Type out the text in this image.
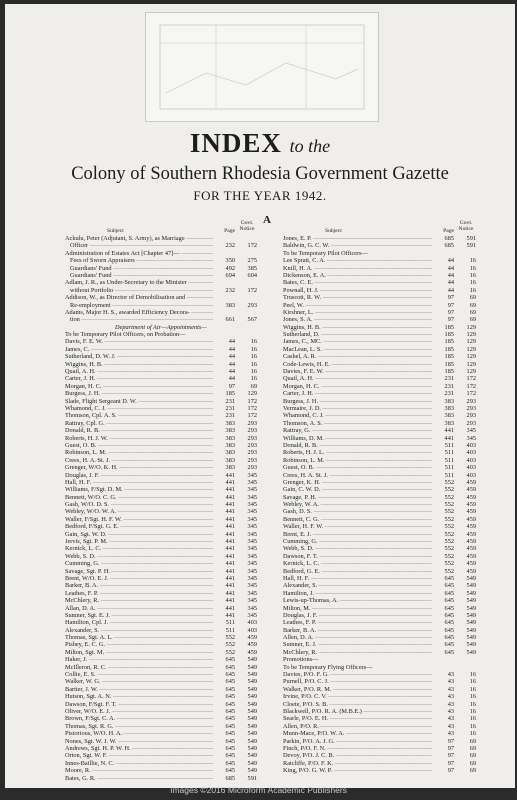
INDEX to the
Colony of Southern Rhodesia Government Gazette
FOR THE YEAR 1942.
A
Subject	Page
Govt. Notice
Ackulu, Peter (Adjutant, S. Army), as Marriage —————
Officer —————	232	172
Administration of Estates Act [Chapter 47]— —————
Fees of Sworn Appraisers —————	350	275
Guardians' Fund —————	492	385
Guardians' Fund —————	694	604
Adlam, J. R., as Under-Secretary to the Minister —————
without Portfolio —————	232	172
Addison, W., as Director of Demobilisation and —————
Re-employment —————	383	293
Adams, Major H. S., awarded Efficiency Decora- —————
tion —————	661	567
Department of Air—Appointments—
To be Temporary Pilot Officers, on Probation—
Davis, F. E. W. —————	44	16
James, C. —————	44	16
Sutherland, D. W. J. —————	44	16
Wiggins, H. B. —————	44	16
Quail, A. H. —————	44	16
Carter, J. H. —————	44	16
Morgan, H. C. —————	97	69
Burgess, J. H. —————	185	129
Slade, Flight Sergeant D. W. —————	231	172
Whamond, C. J. —————	231	172
Thomson, Cpl. A. S. —————	231	172
Rattray, Cpl. G. —————	383	293
Donald, R. B. —————	383	293
Roberts, H. J. W. —————	383	293
Guest, O. B. —————	383	293
Robinson, L. M. —————	383	293
Crees, H. A. St. J. —————	383	293
Grenger, W/O. K. H. —————	383	293
Douglas, J. F. —————	441	345
Hall, H. F. —————	441	345
Williams, F/Sgt. D. M. —————	441	345
Bennett, W/O. C. G. —————	441	345
Gash, W/O. D. S. —————	441	345
Webley, W/O. W. A. —————	441	345
Waller, F/Sgt. H. F. W. —————	441	345
Bedford, F/Sgt. G. E. —————	441	345
Gain, Sgt. W. D. —————	441	345
Jervis, Sgt. P. M. —————	441	345
Kernick, L. C. —————	441	345
Webb, S. D. —————	441	345
Cumming, G. —————	441	345
Savage, Sgt. P. H. —————	441	345
Brent, W/O. E. J. —————	441	345
Barker, B. A. —————	441	345
Leathes, F. P. —————	441	345
McChlery, R. —————	441	345
Allan, D. A. —————	441	345
Sumner, Sgt. E. J. —————	441	345
Hamilton, Cpl. J. —————	511	403
Alexander, S. —————	511	403
Thomas, Sgt. A. L. —————	552	459
Pishey, E. C. G. —————	552	459
Milton, Sgt. M. —————	552	459
Haker, J. —————	645	549
McIlleron, R. C. —————	645	549
Collie, E. S. —————	645	549
Walker, W. G. —————	645	549
Bartter, J. W. —————	645	549
Hutson, Sgt. A. N. —————	645	549
Dawson, F/Sgt. F. T. —————	645	549
Oliver, W/O. E. J. —————	645	549
Brown, F/Sgt. C. A. —————	645	549
Thomas, Sgt. R. G. —————	645	549
Pistorious, W/O. H. A. —————	645	549
Nones, Sgt. W. J. W. —————	645	549
Andrews, Sgt. H. P. W. H. —————	645	549
Orton, Sgt. W. F. —————	645	549
Innes-Baillie, N. C. —————	645	549
Moore, R. —————	645	549
Bates, G. R. —————	685	591
Subject	Page
Govt. Notice
Jones, E. P. —————	685	591
Baldwin, G. C. W. —————	685	591
To be Temporary Pilot Officers—
Lee Spratt, C. A. —————	44	16
Knill, H. A. —————	44	16
Dickenson, E. A. —————	44	16
Bates, C. E. —————	44	16
Pownall, H. J. —————	44	16
Truscott, R. W. —————	97	69
Peel, W. —————	97	69
Kirshner, L. —————	97	69
Jones, S. A. —————	97	69
Wiggins, H. B. —————	185	129
Sutherland, D. —————	185	129
James, C., MC. —————	185	129
MacLean, L. S. —————	185	129
Cashel, A. R. —————	185	129
Code-Lewis, H. E. —————	185	129
Davies, F. E. W. —————	185	129
Quail, A. H. —————	231	172
Morgan, H. C. —————	231	172
Carter, J. H. —————	231	172
Burgess, J. H. —————	383	293
Vermaire, J. D. —————	383	293
Whamond, C. J. —————	383	293
Thomson, A. S. —————	383	293
Rattray, G. —————	441	345
Williams, D. M. —————	441	345
Donald, R. B. —————	511	403
Roberts, H. J. L. —————	511	403
Robinson, L. M. —————	511	403
Guest, O. B. —————	511	403
Crees, H. A. St. J. —————	511	403
Grenger, K. H. —————	552	459
Gain, C. W. D. —————	552	459
Savage, P. H. —————	552	459
Webley, W. A. —————	552	459
Gash, D. S. —————	552	459
Bennett, C. G. —————	552	459
Waller, H. F. W. —————	552	459
Brent, E. J. —————	552	459
Cumming, G. —————	552	459
Webb, S. D. —————	552	459
Dawson, F. T. —————	552	459
Kernick, L. C. —————	552	459
Bedford, G. E. —————	552	459
Hall, H. F. —————	645	549
Alexander, S. —————	645	549
Hamilton, J. —————	645	549
Lewis-up-Thomas, A. —————	645	549
Milton, M. —————	645	549
Douglas, J. F. —————	645	549
Leathes, F. P. —————	645	549
Barker, B. A. —————	645	549
Allen, D. A. —————	645	549
Sumner, E. J. —————	645	549
McChlery, R. —————	645	549
Promotions—
To be Temporary Flying Officers—
Davies, P/O. F. G. —————	43	16
Purnell, P/O. C. J. —————	43	16
Walker, P/O. R. M. —————	43	16
Irvine, P/O. C. V. —————	43	16
Cloete, P/O. S. B. —————	43	16
Blackwell, P/O. R. A. (M.B.E.) —————	43	16
Searle, P/O. E. H. —————	43	16
Allen, P/O. R. —————	43	16
Munn-Mace, P/O. W. A. —————	43	16
Parkin, P/O. A. J. G. —————	97	69
Finch, P/O. F. N. —————	97	69
Devoy, P/O. J. C. B. —————	97	69
Ratcliffe, P/O. F. K. —————	97	69
King, P/O. G. W. P. —————	97	69
Images ©2016 Microform Academic Publishers
